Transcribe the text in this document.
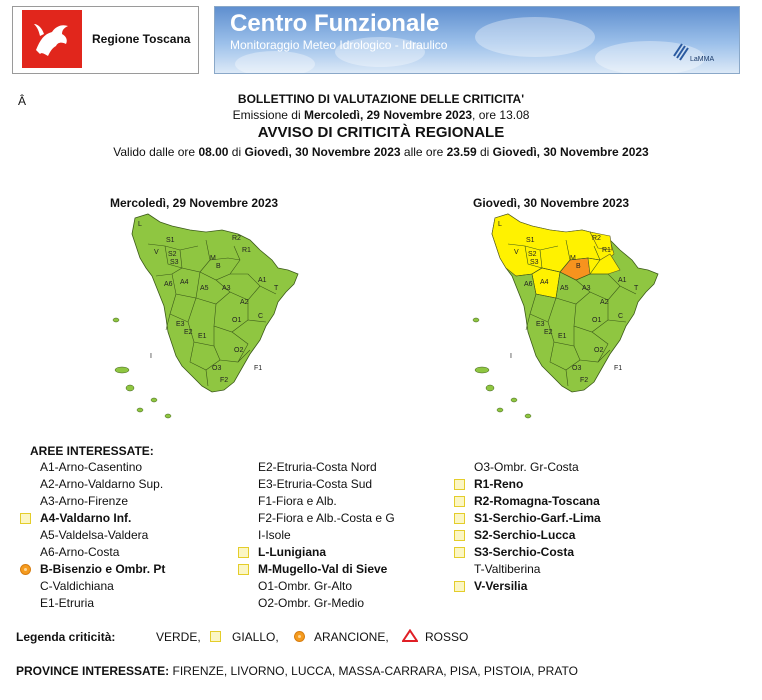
Regione Toscana
Centro Funzionale
Monitoraggio Meteo Idrologico - Idraulico
LaMMA
Â	BOLLETTINO DI VALUTAZIONE DELLE CRITICITA'
Emissione di Mercoledì, 29 Novembre 2023, ore 13.08
AVVISO DI CRITICITÀ REGIONALE
Valido dalle ore 08.00 di Giovedì, 30 Novembre 2023 alle ore 23.59 di Giovedì, 30 Novembre 2023
Mercoledì, 29 Novembre 2023	Giovedì, 30 Novembre 2023
L
S1
V S2
S3
M
R2
R1
B
A4
A6
A5 A3
A1
A2
T
E3
O1
C
E1
O2
I
O3	F1
F2
E2
L
S1
V S2
S3
M
R2
R1
B
A4
A6
A5 A3
A1
A2
T
E3
O1
C
E1
O2
I
O3	F1
F2
E2
AREE INTERESSATE:
A1-Arno-Casentino
A2-Arno-Valdarno Sup.
A3-Arno-Firenze
A4-Valdarno Inf.
A5-Valdelsa-Valdera
A6-Arno-Costa
B-Bisenzio e Ombr. Pt
C-Valdichiana
E1-Etruria
E2-Etruria-Costa Nord
E3-Etruria-Costa Sud
F1-Fiora e Alb.
F2-Fiora e Alb.-Costa e G
I-Isole
L-Lunigiana
M-Mugello-Val di Sieve
O1-Ombr. Gr-Alto
O2-Ombr. Gr-Medio
O3-Ombr. Gr-Costa
R1-Reno
R2-Romagna-Toscana
S1-Serchio-Garf.-Lima
S2-Serchio-Lucca
S3-Serchio-Costa
T-Valtiberina
V-Versilia
Legenda criticità:	VERDE,	GIALLO,	ARANCIONE,	ROSSO
PROVINCE INTERESSATE: FIRENZE, LIVORNO, LUCCA, MASSA-CARRARA, PISA, PISTOIA, PRATO
